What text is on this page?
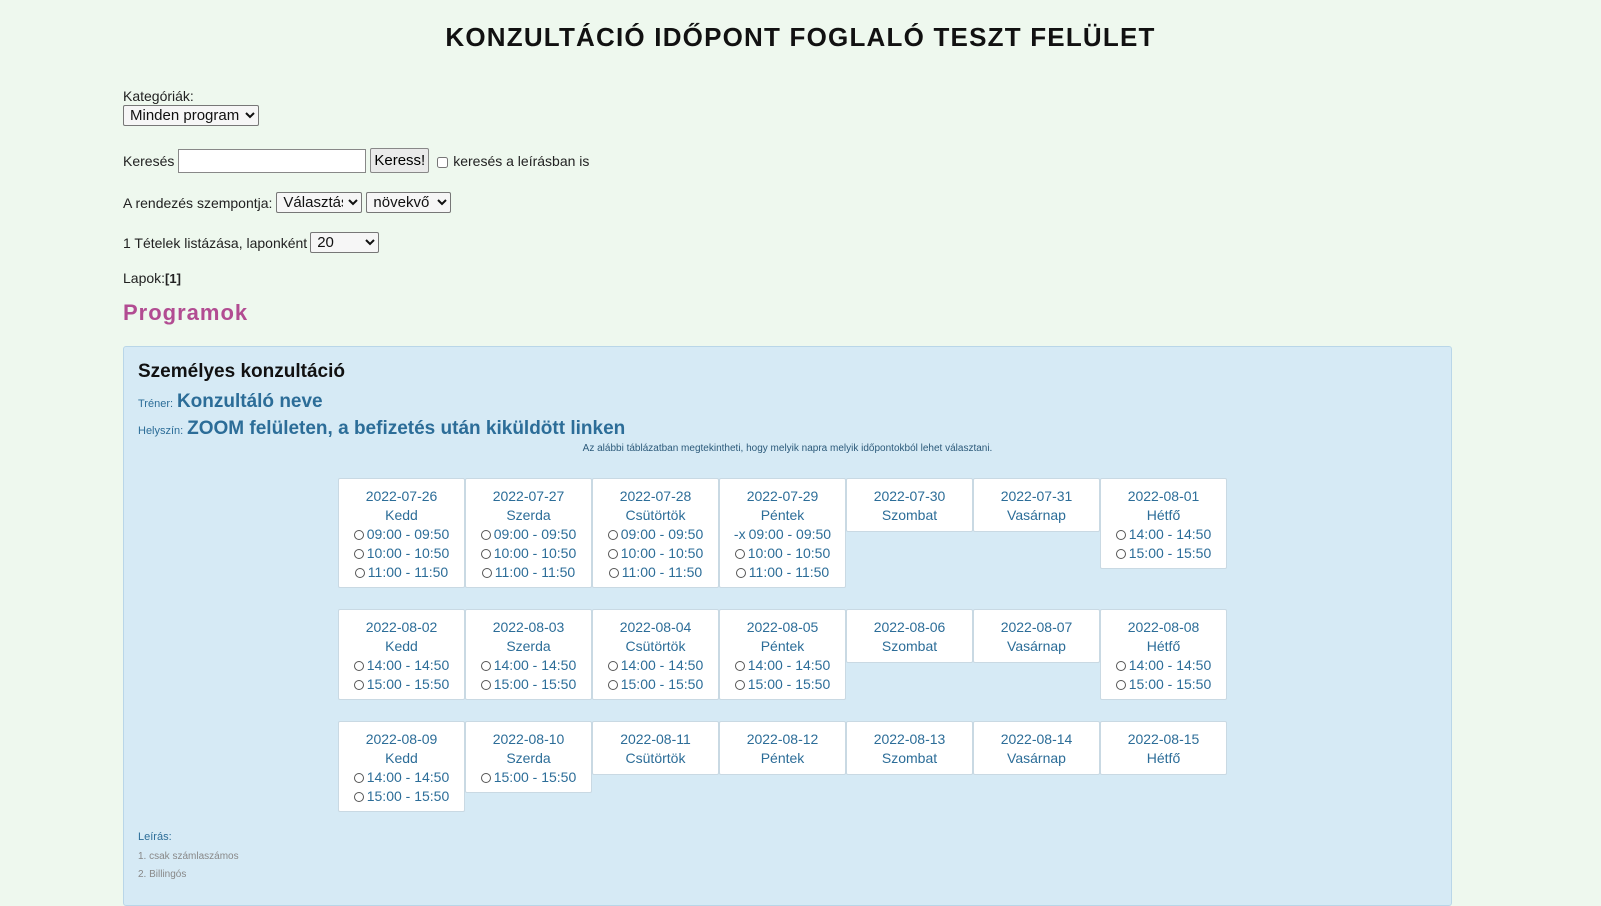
KONZULTÁCIÓ IDŐPONT FOGLALÓ TESZT FELÜLET
Kategóriák:
Minden program
Keresés	Keress! keresés a leírásban is
A rendezés szempontja:
Választás
növekvő
1 Tételek listázása, laponként
20
Lapok:[1]
Programok
Személyes konzultáció
Tréner: Konzultáló neve
Helyszín: ZOOM felületen, a befizetés után kiküldött linken
Az alábbi táblázatban megtekintheti, hogy melyik napra melyik időpontokból lehet választani.
2022-07-26
Kedd
09:00 - 09:50
10:00 - 10:50
11:00 - 11:50
2022-07-27
Szerda
09:00 - 09:50
10:00 - 10:50
11:00 - 11:50
2022-07-28
Csütörtök
09:00 - 09:50
10:00 - 10:50
11:00 - 11:50
2022-07-29
Péntek
-x 09:00 - 09:50
10:00 - 10:50
11:00 - 11:50
2022-07-30
Szombat
2022-07-31
Vasárnap
2022-08-01
Hétfő
14:00 - 14:50
15:00 - 15:50
2022-08-02
Kedd
14:00 - 14:50
15:00 - 15:50
2022-08-03
Szerda
14:00 - 14:50
15:00 - 15:50
2022-08-04
Csütörtök
14:00 - 14:50
15:00 - 15:50
2022-08-05
Péntek
14:00 - 14:50
15:00 - 15:50
2022-08-06
Szombat
2022-08-07
Vasárnap
2022-08-08
Hétfő
14:00 - 14:50
15:00 - 15:50
2022-08-09
Kedd
14:00 - 14:50
15:00 - 15:50
2022-08-10
Szerda
15:00 - 15:50
2022-08-11
Csütörtök
2022-08-12
Péntek
2022-08-13
Szombat
2022-08-14
Vasárnap
2022-08-15
Hétfő
Leírás:
1. csak számlaszámos
2. Billingós
